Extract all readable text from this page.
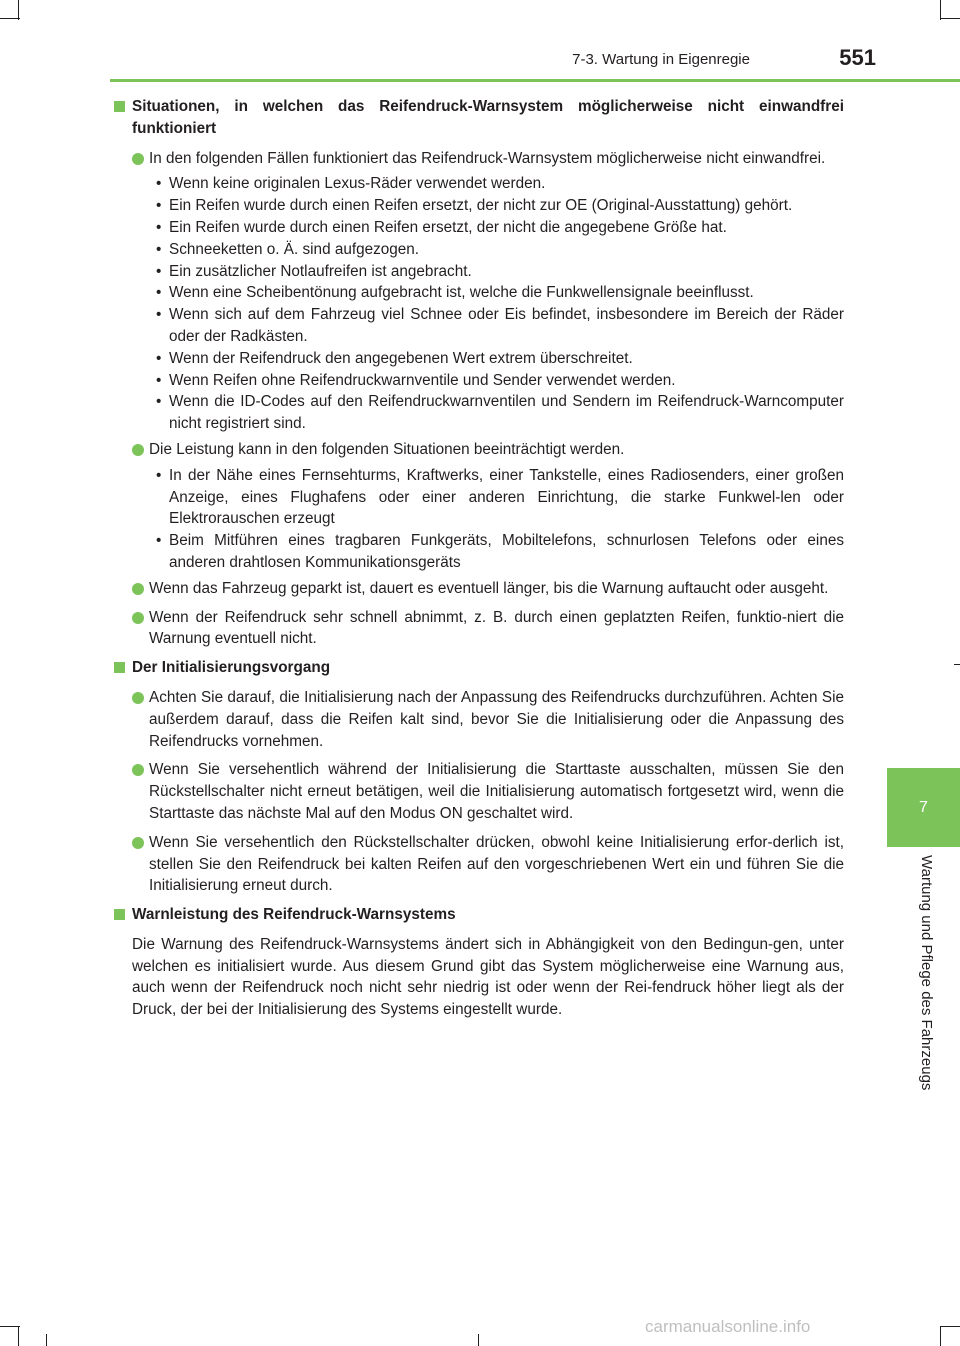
7-3. Wartung in Eigenregie	551
7
Wartung und Pflege des Fahrzeugs
Situationen, in welchen das Reifendruck-Warnsystem möglicherweise nicht einwandfrei funktioniert
In den folgenden Fällen funktioniert das Reifendruck-Warnsystem möglicherweise nicht einwandfrei.
• Wenn keine originalen Lexus-Räder verwendet werden.
• Ein Reifen wurde durch einen Reifen ersetzt, der nicht zur OE (Original-Ausstattung) gehört.
• Ein Reifen wurde durch einen Reifen ersetzt, der nicht die angegebene Größe hat.
• Schneeketten o. Ä. sind aufgezogen.
• Ein zusätzlicher Notlaufreifen ist angebracht.
• Wenn eine Scheibentönung aufgebracht ist, welche die Funkwellensignale beeinflusst.
• Wenn sich auf dem Fahrzeug viel Schnee oder Eis befindet, insbesondere im Bereich der Räder oder der Radkästen.
• Wenn der Reifendruck den angegebenen Wert extrem überschreitet.
• Wenn Reifen ohne Reifendruckwarnventile und Sender verwendet werden.
• Wenn die ID-Codes auf den Reifendruckwarnventilen und Sendern im Reifendruck-Warncomputer nicht registriert sind.
Die Leistung kann in den folgenden Situationen beeinträchtigt werden.
• In der Nähe eines Fernsehturms, Kraftwerks, einer Tankstelle, eines Radiosenders, einer großen Anzeige, eines Flughafens oder einer anderen Einrichtung, die starke Funkwel-len oder Elektrorauschen erzeugt
• Beim Mitführen eines tragbaren Funkgeräts, Mobiltelefons, schnurlosen Telefons oder eines anderen drahtlosen Kommunikationsgeräts
Wenn das Fahrzeug geparkt ist, dauert es eventuell länger, bis die Warnung auftaucht oder ausgeht.
Wenn der Reifendruck sehr schnell abnimmt, z. B. durch einen geplatzten Reifen, funktio-niert die Warnung eventuell nicht.
Der Initialisierungsvorgang
Achten Sie darauf, die Initialisierung nach der Anpassung des Reifendrucks durchzuführen. Achten Sie außerdem darauf, dass die Reifen kalt sind, bevor Sie die Initialisierung oder die Anpassung des Reifendrucks vornehmen.
Wenn Sie versehentlich während der Initialisierung die Starttaste ausschalten, müssen Sie den Rückstellschalter nicht erneut betätigen, weil die Initialisierung automatisch fortgesetzt wird, wenn die Starttaste das nächste Mal auf den Modus ON geschaltet wird.
Wenn Sie versehentlich den Rückstellschalter drücken, obwohl keine Initialisierung erfor-derlich ist, stellen Sie den Reifendruck bei kalten Reifen auf den vorgeschriebenen Wert ein und führen Sie die Initialisierung erneut durch.
Warnleistung des Reifendruck-Warnsystems
Die Warnung des Reifendruck-Warnsystems ändert sich in Abhängigkeit von den Bedingun-gen, unter welchen es initialisiert wurde. Aus diesem Grund gibt das System möglicherweise eine Warnung aus, auch wenn der Reifendruck noch nicht sehr niedrig ist oder wenn der Rei-fendruck höher liegt als der Druck, der bei der Initialisierung des Systems eingestellt wurde.
carmanualsonline.info
